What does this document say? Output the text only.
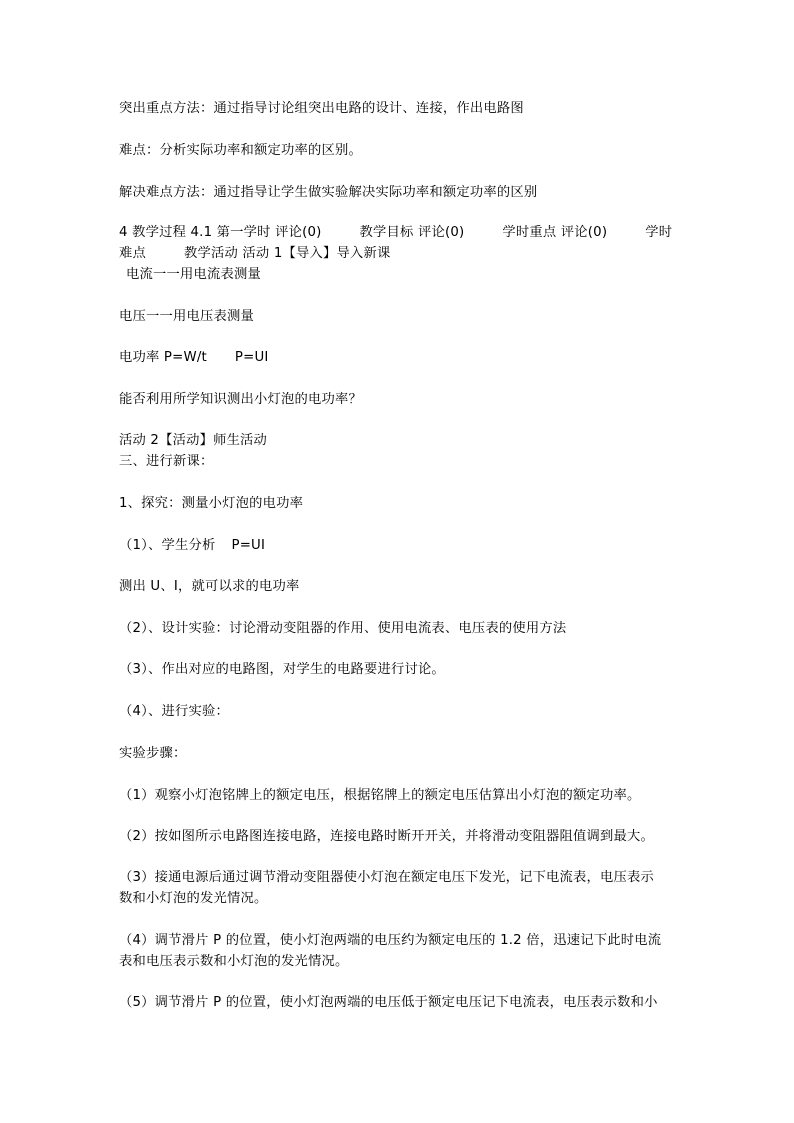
突出重点方法：通过指导讨论组突出电路的设计、连接，作出电路图
难点：分析实际功率和额定功率的区别。
解决难点方法：通过指导让学生做实验解决实际功率和额定功率的区别
4 教学过程 4.1 第一学时 评论(0)	教学目标 评论(0)	学时重点 评论(0)	学时
难点	教学活动 活动 1【导入】导入新课
电流一一用电流表测量
电压一一用电压表测量
电功率 P=W/t P=UI
能否利用所学知识测出小灯泡的电功率？
活动 2【活动】师生活动
三、进行新课：
1、探究：测量小灯泡的电功率
（1）、学生分析 P=UI
测出 U、I，就可以求的电功率
（2）、设计实验：讨论滑动变阻器的作用、使用电流表、电压表的使用方法
（3）、作出对应的电路图，对学生的电路要进行讨论。
（4）、进行实验：
实验步骤：
（1）观察小灯泡铭牌上的额定电压，根据铭牌上的额定电压估算出小灯泡的额定功率。
（2）按如图所示电路图连接电路，连接电路时断开开关，并将滑动变阻器阻值调到最大。
（3）接通电源后通过调节滑动变阻器使小灯泡在额定电压下发光，记下电流表，电压表示
数和小灯泡的发光情况。
（4）调节滑片 P 的位置，使小灯泡两端的电压约为额定电压的 1.2 倍，迅速记下此时电流
表和电压表示数和小灯泡的发光情况。
（5）调节滑片 P 的位置，使小灯泡两端的电压低于额定电压记下电流表，电压表示数和小
